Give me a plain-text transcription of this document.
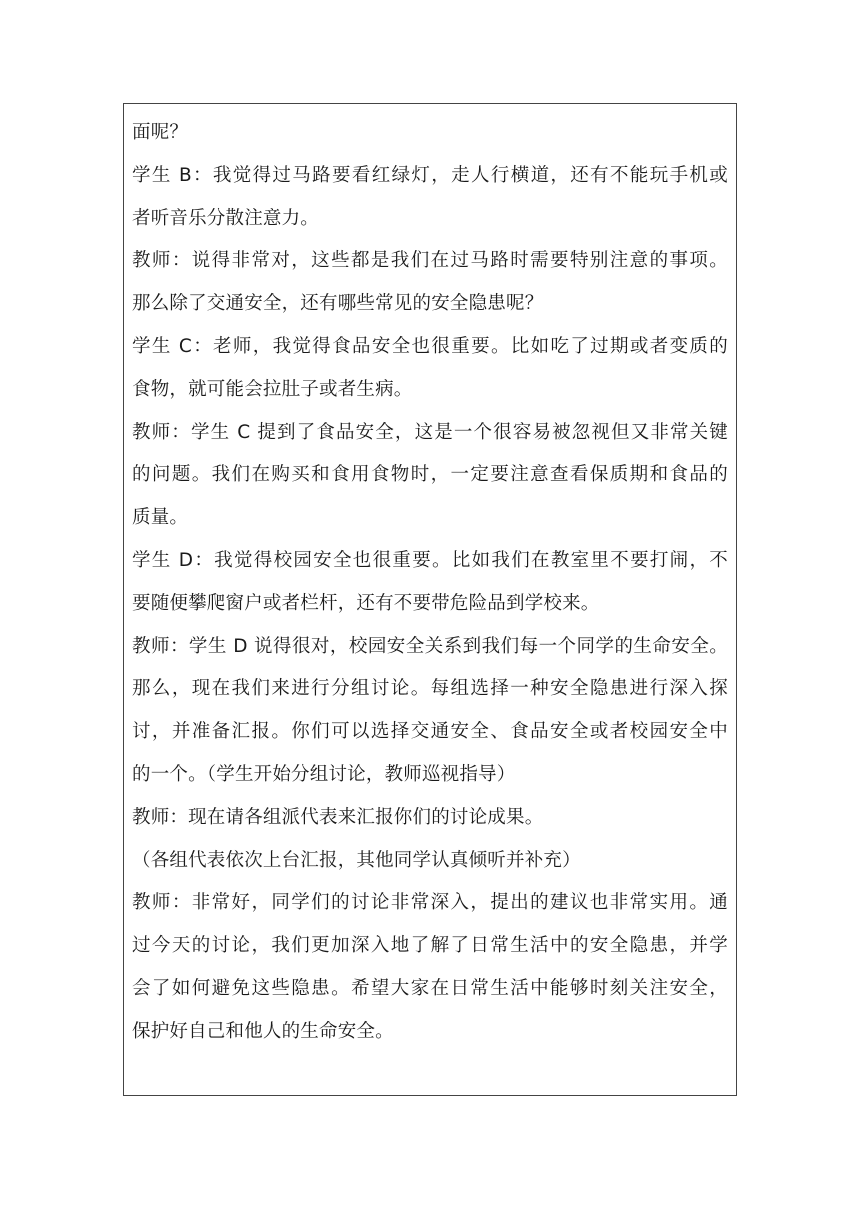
面呢？
学生 B：我觉得过马路要看红绿灯，走人行横道，还有不能玩手机或
者听音乐分散注意力。
教师：说得非常对，这些都是我们在过马路时需要特别注意的事项。
那么除了交通安全，还有哪些常见的安全隐患呢？
学生 C：老师，我觉得食品安全也很重要。比如吃了过期或者变质的
食物，就可能会拉肚子或者生病。
教师：学生 C 提到了食品安全，这是一个很容易被忽视但又非常关键
的问题。我们在购买和食用食物时，一定要注意查看保质期和食品的
质量。
学生 D：我觉得校园安全也很重要。比如我们在教室里不要打闹，不
要随便攀爬窗户或者栏杆，还有不要带危险品到学校来。
教师：学生 D 说得很对，校园安全关系到我们每一个同学的生命安全。
那么，现在我们来进行分组讨论。每组选择一种安全隐患进行深入探
讨，并准备汇报。你们可以选择交通安全、食品安全或者校园安全中
的一个。（学生开始分组讨论，教师巡视指导）
教师：现在请各组派代表来汇报你们的讨论成果。
（各组代表依次上台汇报，其他同学认真倾听并补充）
教师：非常好，同学们的讨论非常深入，提出的建议也非常实用。通
过今天的讨论，我们更加深入地了解了日常生活中的安全隐患，并学
会了如何避免这些隐患。希望大家在日常生活中能够时刻关注安全，
保护好自己和他人的生命安全。
